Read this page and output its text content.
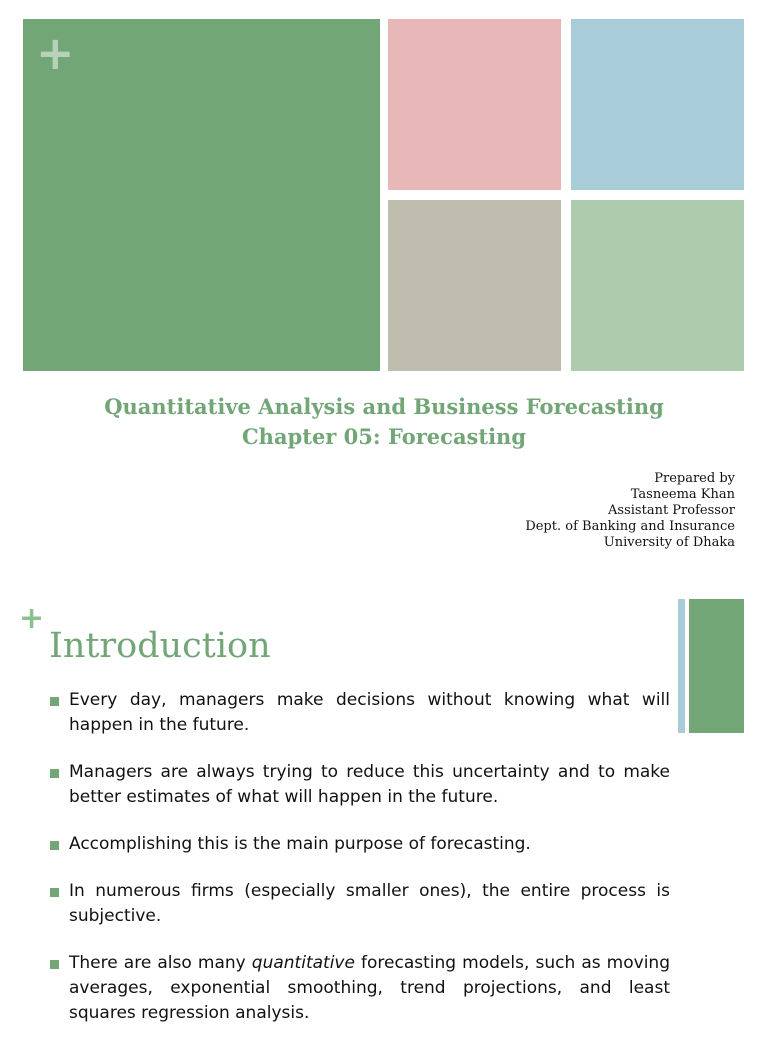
+
Quantitative Analysis and Business Forecasting
Chapter 05: Forecasting
Prepared by
Tasneema Khan
Assistant Professor
Dept. of Banking and Insurance
University of Dhaka
+
Introduction
Every day, managers make decisions without knowing what will happen in the future.
Managers are always trying to reduce this uncertainty and to make better estimates of what will happen in the future.
Accomplishing this is the main purpose of forecasting.
In numerous firms (especially smaller ones), the entire process is subjective.
There are also many quantitative forecasting models, such as moving averages, exponential smoothing, trend projections, and least squares regression analysis.
